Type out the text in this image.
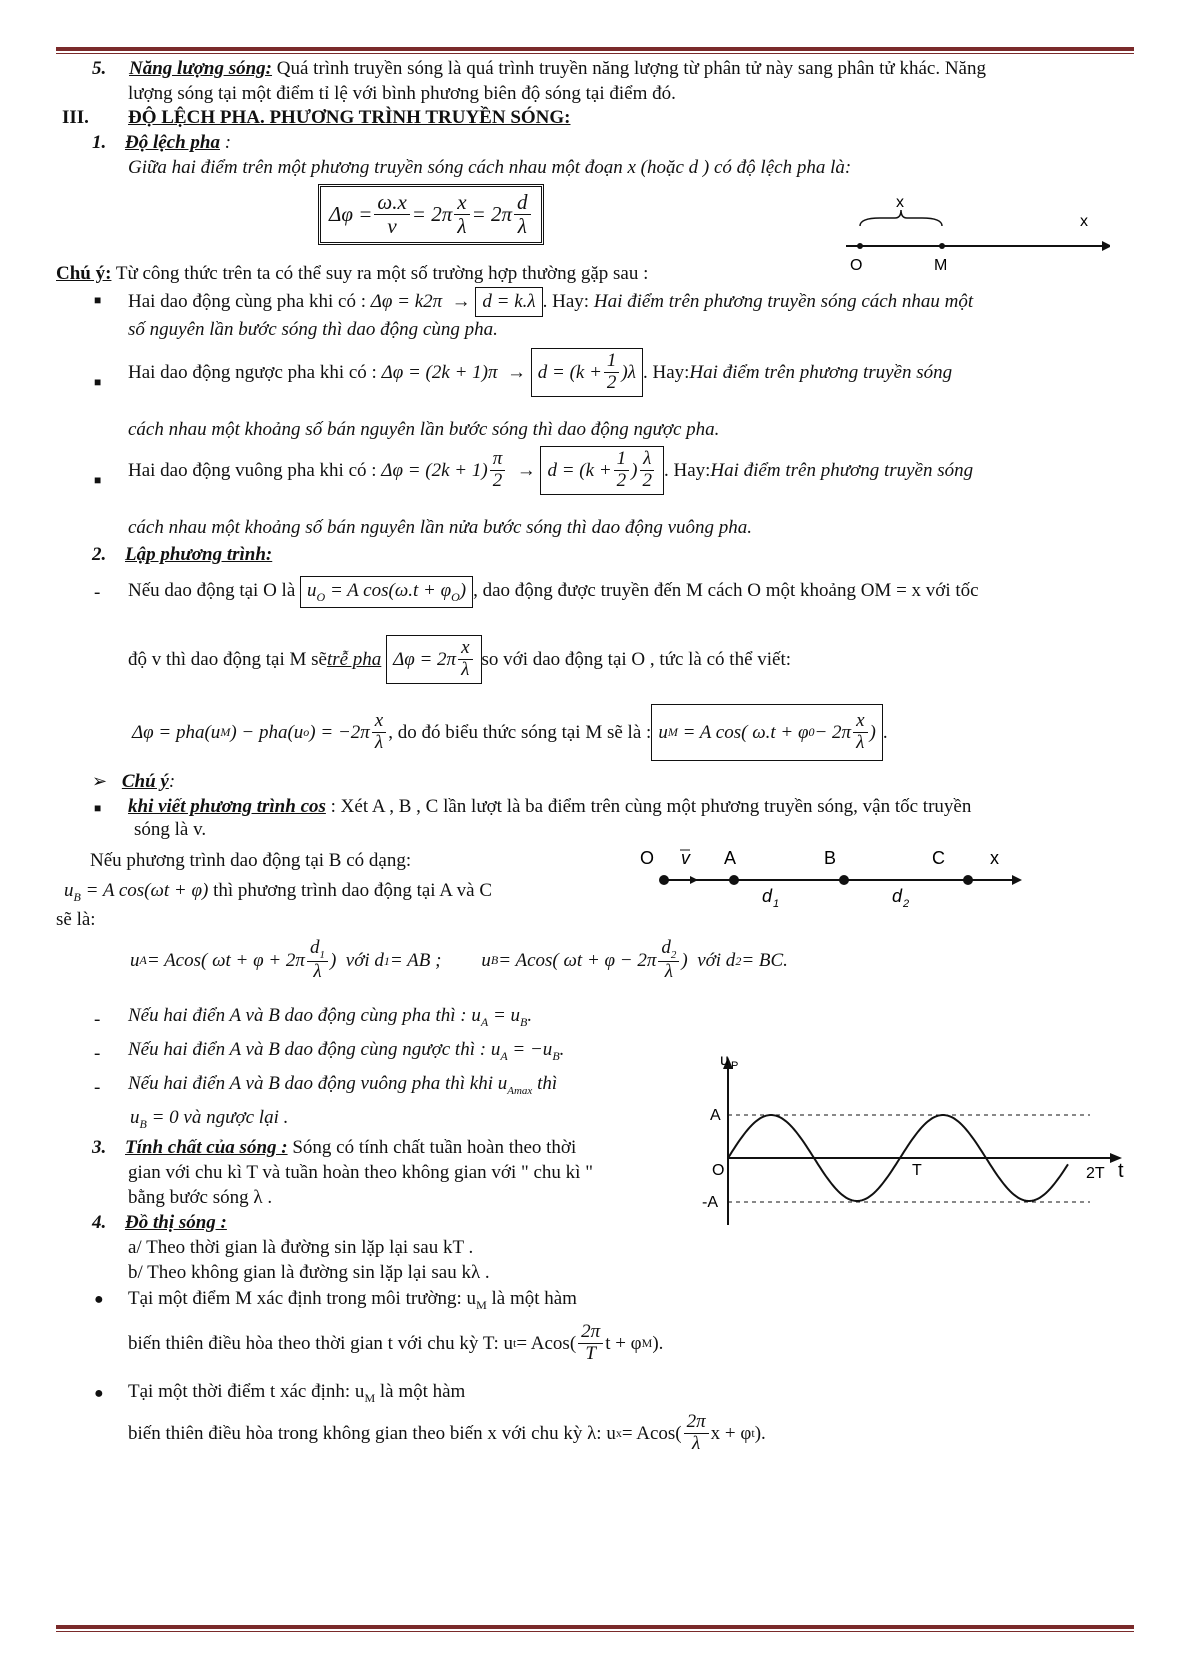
5. Năng lượng sóng: Quá trình truyền sóng là quá trình truyền năng lượng từ phân tử này sang phân tử khác. Năng
lượng sóng tại một điểm tỉ lệ với bình phương biên độ sóng tại điểm đó.
III. ĐỘ LỆCH PHA. PHƯƠNG TRÌNH TRUYỀN SÓNG:
1. Độ lệch pha :
Giữa hai điểm trên một phương truyền sóng cách nhau một đoạn x (hoặc d ) có độ lệch pha là:
$\Delta\varphi = \frac{\omega.x}{v} = 2\pi \frac{x}{\lambda} = 2\pi \frac{d}{\lambda}$	x
x
O	M
Chú ý: Từ công thức trên ta có thể suy ra một số trường hợp thường gặp sau :
■ Hai dao động cùng pha khi có : Δφ = k2π  → d = k.λ . Hay: Hai điểm trên phương truyền sóng cách nhau một
số nguyên lần bước sóng thì dao động cùng pha.
■ Hai dao động ngược pha khi có : $\Delta\varphi = (2k + 1)\pi \to d = (k + \frac{1}{2} )\lambda$ . Hay: Hai điểm trên phương truyền sóng
cách nhau một khoảng số bán nguyên lần bước sóng thì dao động ngược pha.
■ Hai dao động vuông pha khi có : $\Delta\varphi = (2k + 1) \frac{\pi}{2} \to d = (k + \frac{1}{2}$ ) $\frac{\lambda}{2}$ . Hay: Hai điểm trên phương truyền sóng
cách nhau một khoảng số bán nguyên lần nửa bước sóng thì dao động vuông pha.
2. Lập phương trình:
- Nếu dao động tại O là $u_O = A$ $\cos(\omega.t + \varphi_O)$ , dao động được truyền đến M cách O một khoảng OM = x với tốc
độ v thì dao động tại M sẽ trễ pha
$\Delta\varphi = 2\pi \frac{x}{\lambda}$ so với dao động tại O , tức là có thể viết:
Δφ = pha(u M ) − pha(u o ) = $-2\pi \frac{x}{\lambda}$ , do đó biểu thức sóng tại M sẽ là : u M = A cos( ω.t + φ $0 - 2\pi \frac{x}{\lambda}$ ) .
➢ Chú ý:
■ khi viết phương trình cos : Xét A , B , C lần lượt là ba điểm trên cùng một phương truyền sóng, vận tốc truyền
sóng là v.
Nếu phương trình dao động tại B có dạng:
$u_B = A$ cos(ωt + φ) thì phương trình dao động tại A và C
sẽ là:
O v A	B	C	x
d 1	d 2
u A = Acos( $\omega t + \varphi + 2\pi \frac{d_1}{\lambda}$ )
với d 1 = AB ; u B = Acos( $\omega t + \varphi - 2\pi \frac{d_2}{\lambda}$ )
với d 2 = BC.
- Nếu hai điển A và B dao động cùng pha thì : $u_A = u_B$.
- Nếu hai điển A và B dao động cùng ngược thì : $u_A = -u_B$.
- Nếu hai điển A và B dao động vuông pha thì khi $u_{Amax}$ thì
$u_B = 0$ và ngược lại .
3. Tính chất của sóng : Sóng có tính chất tuần hoàn theo thời
gian với chu kì T và tuần hoàn theo không gian với " chu kì "
bằng bước sóng λ .
u P
A
O
-A
T	2T t
4. Đồ thị sóng :
a/ Theo thời gian là đường sin lặp lại sau kT .
b/ Theo không gian là đường sin lặp lại sau kλ .
● Tại một điểm M xác định trong môi trường: $u_M$ là một hàm
biến thiên điều hòa theo thời gian t với chu kỳ T: u $t = Acos( \frac{2\pi}{T}$ t + φ M ).
● Tại một thời điểm t xác định: $u_M$ là một hàm
biến thiên điều hòa trong không gian theo biến x với chu kỳ λ: u $x = Acos( \frac{2\pi}{\lambda}$ x + φ t ).
